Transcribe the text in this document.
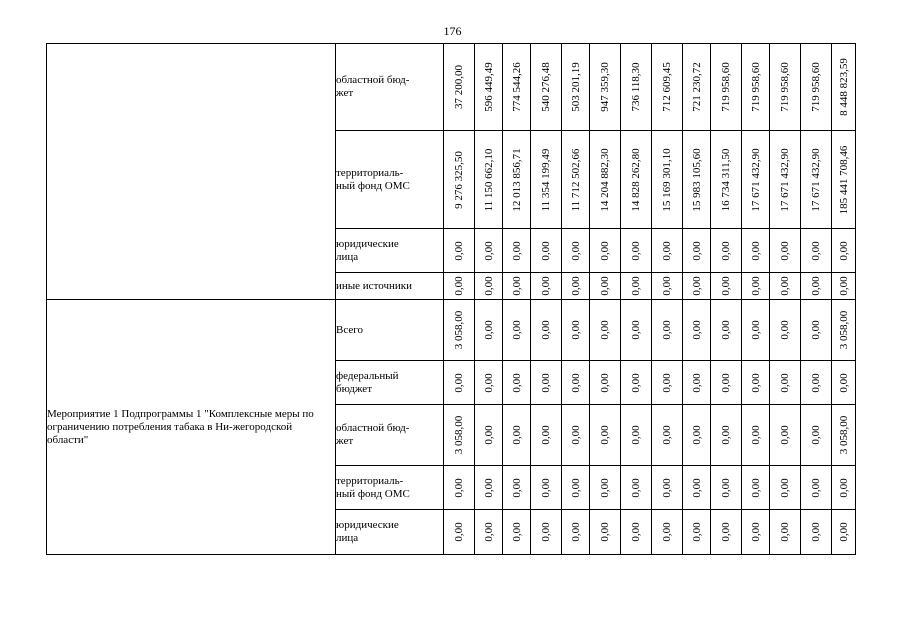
176
	областной бюд-
жет	37 200,00	596 449,49	774 544,26	540 276,48	503 201,19	947 359,30	736 118,30	712 609,45	721 230,72	719 958,60	719 958,60	719 958,60	719 958,60	8 448 823,59

	территориаль-
ный фонд ОМС	9 276 325,50	11 150 662,10	12 013 856,71	11 354 199,49	11 712 502,66	14 204 882,30	14 828 262,80	15 169 301,10	15 983 105,60	16 734 311,50	17 671 432,90	17 671 432,90	17 671 432,90	185 441 708,46

	юридические
лица	0,00	0,00	0,00	0,00	0,00	0,00	0,00	0,00	0,00	0,00	0,00	0,00	0,00	0,00

	иные источники	0,00	0,00	0,00	0,00	0,00	0,00	0,00	0,00	0,00	0,00	0,00	0,00	0,00	0,00

Мероприятие 1 Подпрограммы 1 "Комплексные меры по ограничению потребления табака в Ни-жегородской области"	Всего	3 058,00	0,00	0,00	0,00	0,00	0,00	0,00	0,00	0,00	0,00	0,00	0,00	0,00	3 058,00

	федеральный
бюджет	0,00	0,00	0,00	0,00	0,00	0,00	0,00	0,00	0,00	0,00	0,00	0,00	0,00	0,00

	областной бюд-
жет	3 058,00	0,00	0,00	0,00	0,00	0,00	0,00	0,00	0,00	0,00	0,00	0,00	0,00	3 058,00

	территориаль-
ный фонд ОМС	0,00	0,00	0,00	0,00	0,00	0,00	0,00	0,00	0,00	0,00	0,00	0,00	0,00	0,00

	юридические
лица	0,00	0,00	0,00	0,00	0,00	0,00	0,00	0,00	0,00	0,00	0,00	0,00	0,00	0,00
